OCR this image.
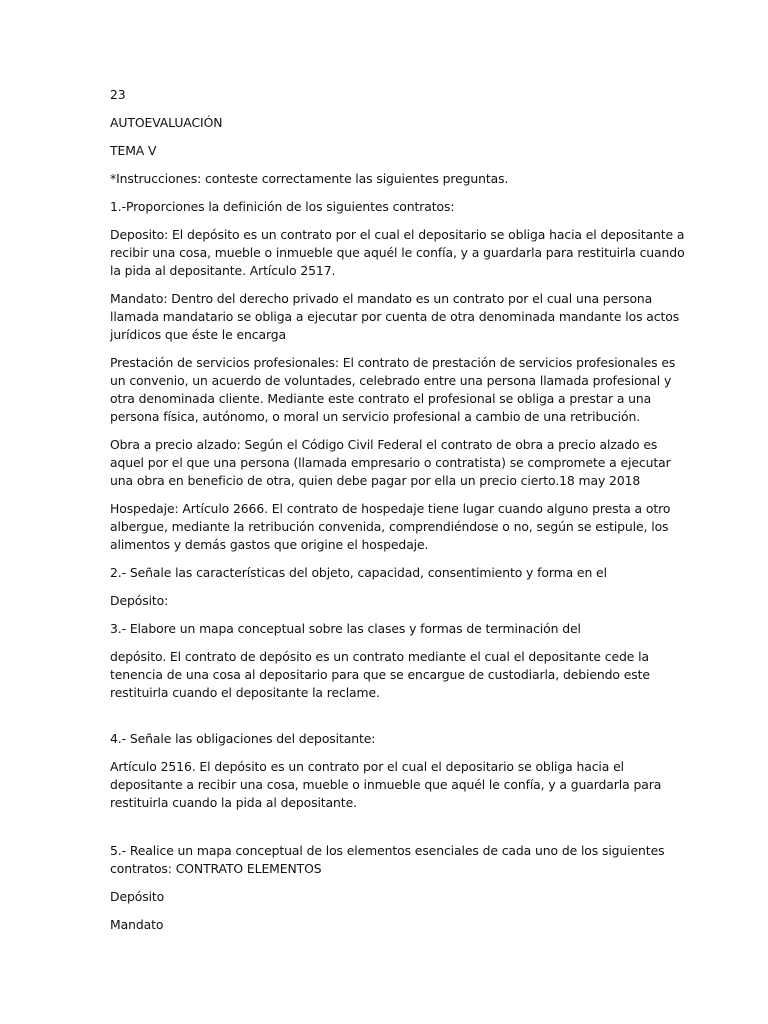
23
AUTOEVALUACIÓN
TEMA V
*Instrucciones: conteste correctamente las siguientes preguntas.
1.-Proporciones la definición de los siguientes contratos:
Deposito: El depósito es un contrato por el cual el depositario se obliga hacia el depositante a
recibir una cosa, mueble o inmueble que aquél le confía, y a guardarla para restituirla cuando
la pida al depositante. Artículo 2517.
Mandato: Dentro del derecho privado el mandato es un contrato por el cual una persona
llamada mandatario se obliga a ejecutar por cuenta de otra denominada mandante los actos
jurídicos que éste le encarga
Prestación de servicios profesionales: El contrato de prestación de servicios profesionales es
un convenio, un acuerdo de voluntades, celebrado entre una persona llamada profesional y
otra denominada cliente. Mediante este contrato el profesional se obliga a prestar a una
persona física, autónomo, o moral un servicio profesional a cambio de una retribución.
Obra a precio alzado: Según el Código Civil Federal el contrato de obra a precio alzado es
aquel por el que una persona (llamada empresario o contratista) se compromete a ejecutar
una obra en beneficio de otra, quien debe pagar por ella un precio cierto.18 may 2018
Hospedaje: Artículo 2666. El contrato de hospedaje tiene lugar cuando alguno presta a otro
albergue, mediante la retribución convenida, comprendiéndose o no, según se estipule, los
alimentos y demás gastos que origine el hospedaje.
2.- Señale las características del objeto, capacidad, consentimiento y forma en el
Depósito:
3.- Elabore un mapa conceptual sobre las clases y formas de terminación del
depósito. El contrato de depósito es un contrato mediante el cual el depositante cede la
tenencia de una cosa al depositario para que se encargue de custodiarla, debiendo este
restituirla cuando el depositante la reclame.
4.- Señale las obligaciones del depositante:
Artículo 2516. El depósito es un contrato por el cual el depositario se obliga hacia el
depositante a recibir una cosa, mueble o inmueble que aquél le confía, y a guardarla para
restituirla cuando la pida al depositante.
5.- Realice un mapa conceptual de los elementos esenciales de cada uno de los siguientes
contratos: CONTRATO ELEMENTOS
Depósito
Mandato
